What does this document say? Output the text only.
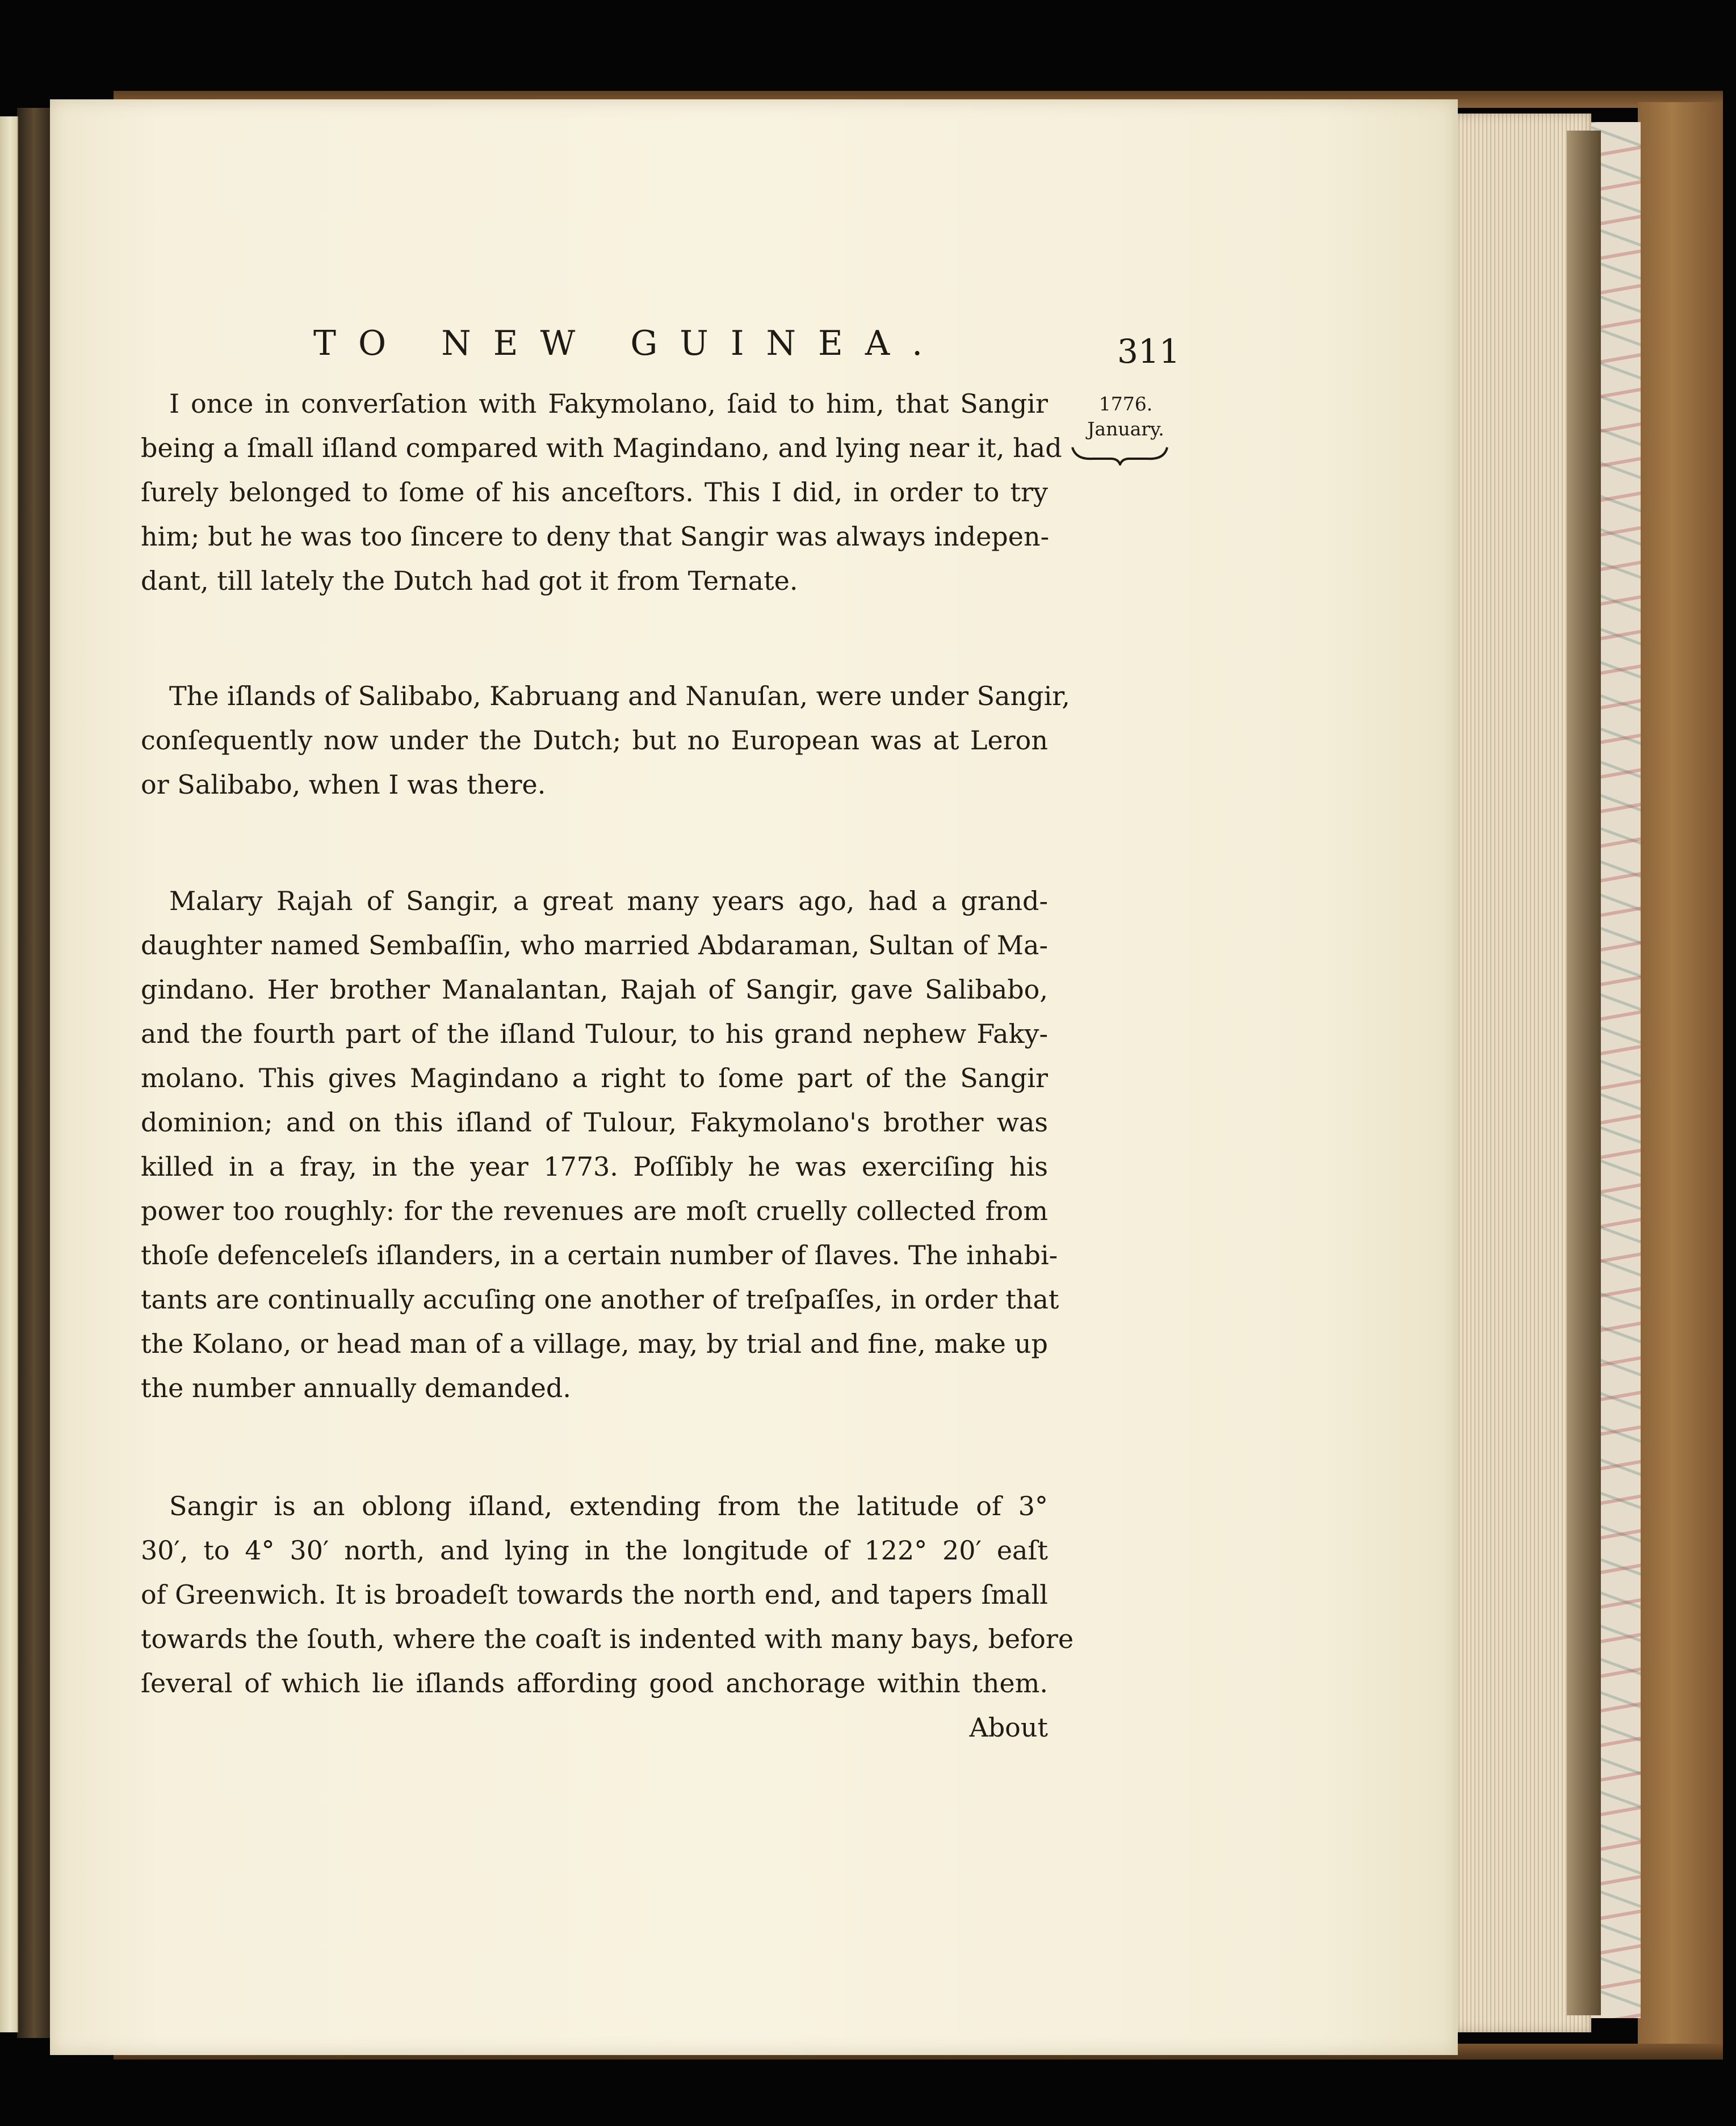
TO NEW GUINEA.	311
1776.
January.
I once in converſation with Fakymolano, ſaid to him, that Sangir
being a ſmall iſland compared with Magindano, and lying near it, had
ſurely belonged to ſome of his anceſtors. This I did, in order to try
him; but he was too ſincere to deny that Sangir was always indepen-
dant, till lately the Dutch had got it from Ternate.
The iſlands of Salibabo, Kabruang and Nanuſan, were under Sangir,
conſequently now under the Dutch; but no European was at Leron
or Salibabo, when I was there.
Malary Rajah of Sangir, a great many years ago, had a grand-
daughter named Sembaſſin, who married Abdaraman, Sultan of Ma-
gindano. Her brother Manalantan, Rajah of Sangir, gave Salibabo,
and the fourth part of the iſland Tulour, to his grand nephew Faky-
molano. This gives Magindano a right to ſome part of the Sangir
dominion; and on this iſland of Tulour, Fakymolano's brother was
killed in a fray, in the year 1773. Poſſibly he was exerciſing his
power too roughly: for the revenues are moſt cruelly collected from
thoſe defenceleſs iſlanders, in a certain number of ſlaves. The inhabi-
tants are continually accuſing one another of treſpaſſes, in order that
the Kolano, or head man of a village, may, by trial and fine, make up
the number annually demanded.
Sangir is an oblong iſland, extending from the latitude of 3°
30′, to 4° 30′ north, and lying in the longitude of 122° 20′ eaſt
of Greenwich. It is broadeſt towards the north end, and tapers ſmall
towards the ſouth, where the coaſt is indented with many bays, before
ſeveral of which lie iſlands affording good anchorage within them.
About
